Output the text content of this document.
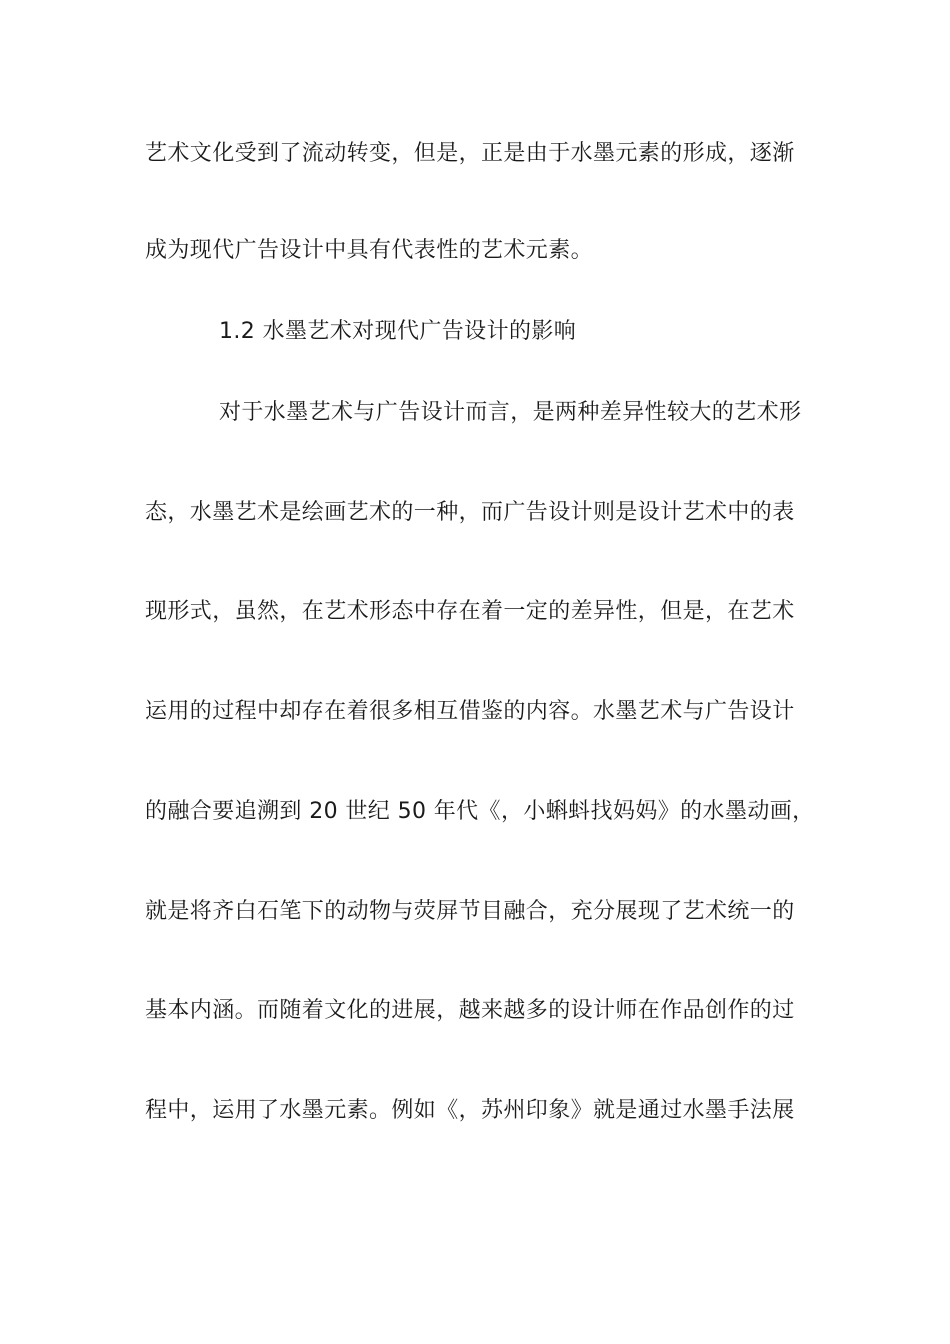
艺术文化受到了流动转变，但是，正是由于水墨元素的形成，逐渐
成为现代广告设计中具有代表性的艺术元素。
1.2 水墨艺术对现代广告设计的影响
对于水墨艺术与广告设计而言，是两种差异性较大的艺术形
态，水墨艺术是绘画艺术的一种，而广告设计则是设计艺术中的表
现形式，虽然，在艺术形态中存在着一定的差异性，但是，在艺术
运用的过程中却存在着很多相互借鉴的内容。水墨艺术与广告设计
的融合要追溯到 20 世纪 50 年代《，小蝌蚪找妈妈》的水墨动画，
就是将齐白石笔下的动物与荧屏节目融合，充分展现了艺术统一的
基本内涵。而随着文化的进展，越来越多的设计师在作品创作的过
程中，运用了水墨元素。例如《，苏州印象》就是通过水墨手法展
